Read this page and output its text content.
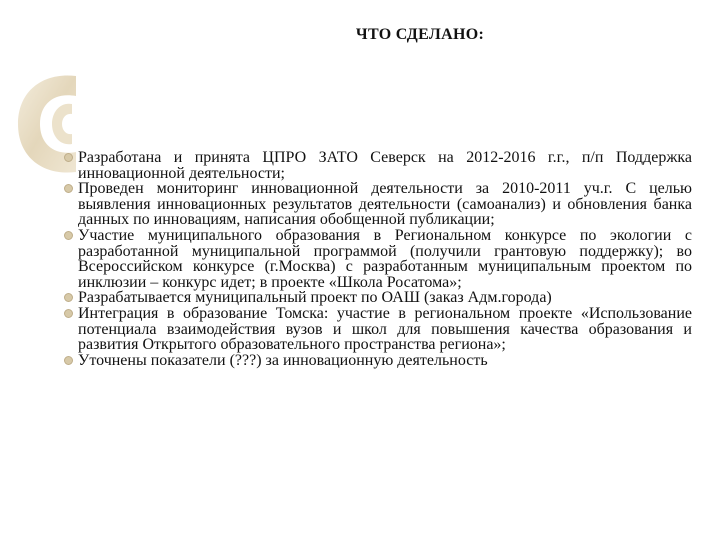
ЧТО СДЕЛАНО:
Разработана и принята ЦПРО ЗАТО Северск на 2012-2016 г.г., п/п Поддержка инновационной деятельности;
Проведен мониторинг инновационной деятельности за 2010-2011 уч.г. С целью выявления инновационных результатов деятельности (самоанализ) и обновления банка данных по инновациям, написания обобщенной публикации;
Участие муниципального образования в Региональном конкурсе по экологии с разработанной муниципальной программой (получили грантовую поддержку); во Всероссийском конкурсе (г.Москва) с разработанным муниципальным проектом по инклюзии – конкурс идет; в проекте «Школа Росатома»;
Разрабатывается муниципальный проект по ОАШ (заказ Адм.города)
Интеграция в образование Томска: участие в региональном проекте «Использование потенциала взаимодействия вузов и школ для повышения качества образования и развития Открытого образовательного пространства региона»;
Уточнены показатели (???) за инновационную деятельность
